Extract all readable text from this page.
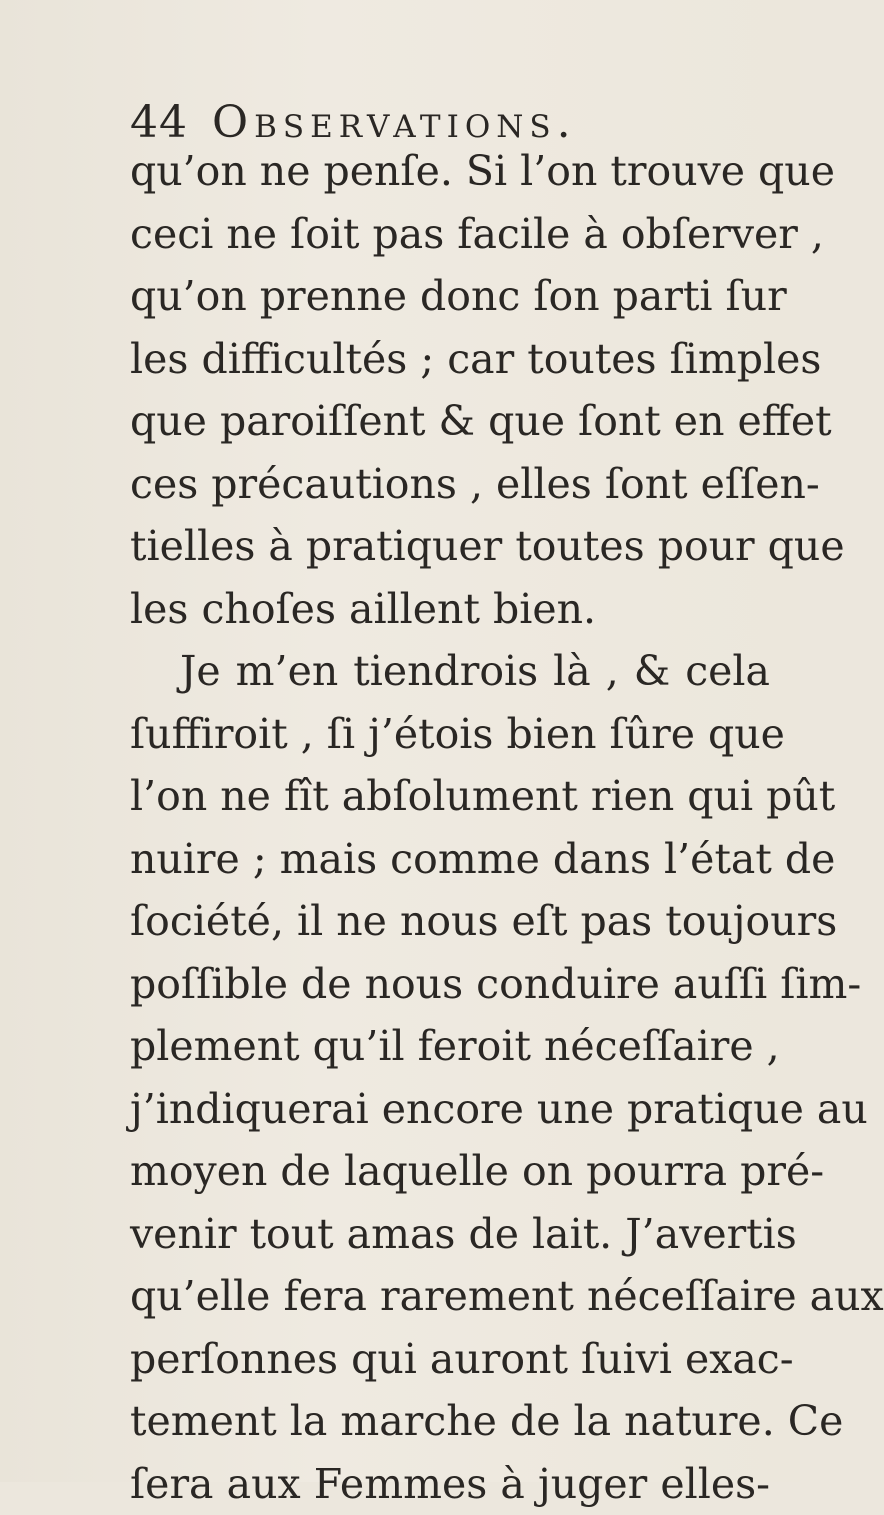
44 Observations.
qu’on ne penſe. Si l’on trouve que
ceci ne ſoit pas facile à obſerver ,
qu’on prenne donc ſon parti ſur
les difficultés ; car toutes ſimples
que paroiſſent & que ſont en effet
ces précautions , elles ſont eſſen-
tielles à pratiquer toutes pour que
les choſes aillent bien.
Je m’en tiendrois là , & cela
ſuffiroit , ſi j’étois bien ſûre que
l’on ne fît abſolument rien qui pût
nuire ; mais comme dans l’état de
ſociété, il ne nous eſt pas toujours
poſſible de nous conduire auſſi ſim-
plement qu’il feroit néceſſaire ,
j’indiquerai encore une pratique au
moyen de laquelle on pourra pré-
venir tout amas de lait. J’avertis
qu’elle fera rarement néceſſaire aux
perſonnes qui auront ſuivi exac-
tement la marche de la nature. Ce
ſera aux Femmes à juger elles-
